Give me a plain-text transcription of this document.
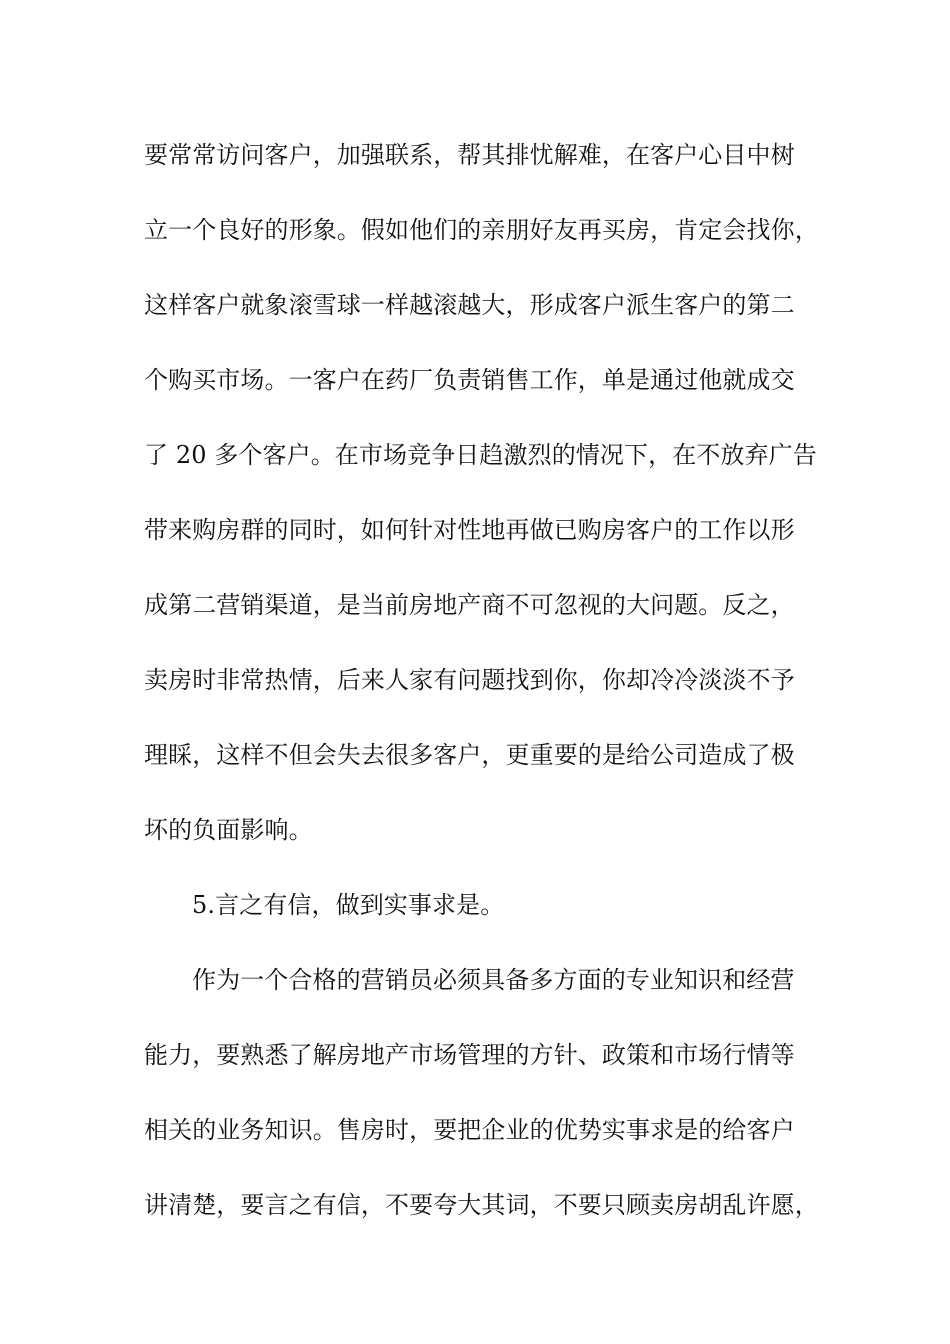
要常常访问客户，加强联系，帮其排忧解难，在客户心目中树
立一个良好的形象。假如他们的亲朋好友再买房，肯定会找你，
这样客户就象滚雪球一样越滚越大，形成客户派生客户的第二
个购买市场。一客户在药厂负责销售工作，单是通过他就成交
了 20 多个客户。在市场竞争日趋激烈的情况下，在不放弃广告
带来购房群的同时，如何针对性地再做已购房客户的工作以形
成第二营销渠道，是当前房地产商不可忽视的大问题。反之，
卖房时非常热情，后来人家有问题找到你，你却冷冷淡淡不予
理睬，这样不但会失去很多客户，更重要的是给公司造成了极
坏的负面影响。
5.言之有信，做到实事求是。
作为一个合格的营销员必须具备多方面的专业知识和经营
能力，要熟悉了解房地产市场管理的方针、政策和市场行情等
相关的业务知识。售房时，要把企业的优势实事求是的给客户
讲清楚，要言之有信，不要夸大其词，不要只顾卖房胡乱许愿，
